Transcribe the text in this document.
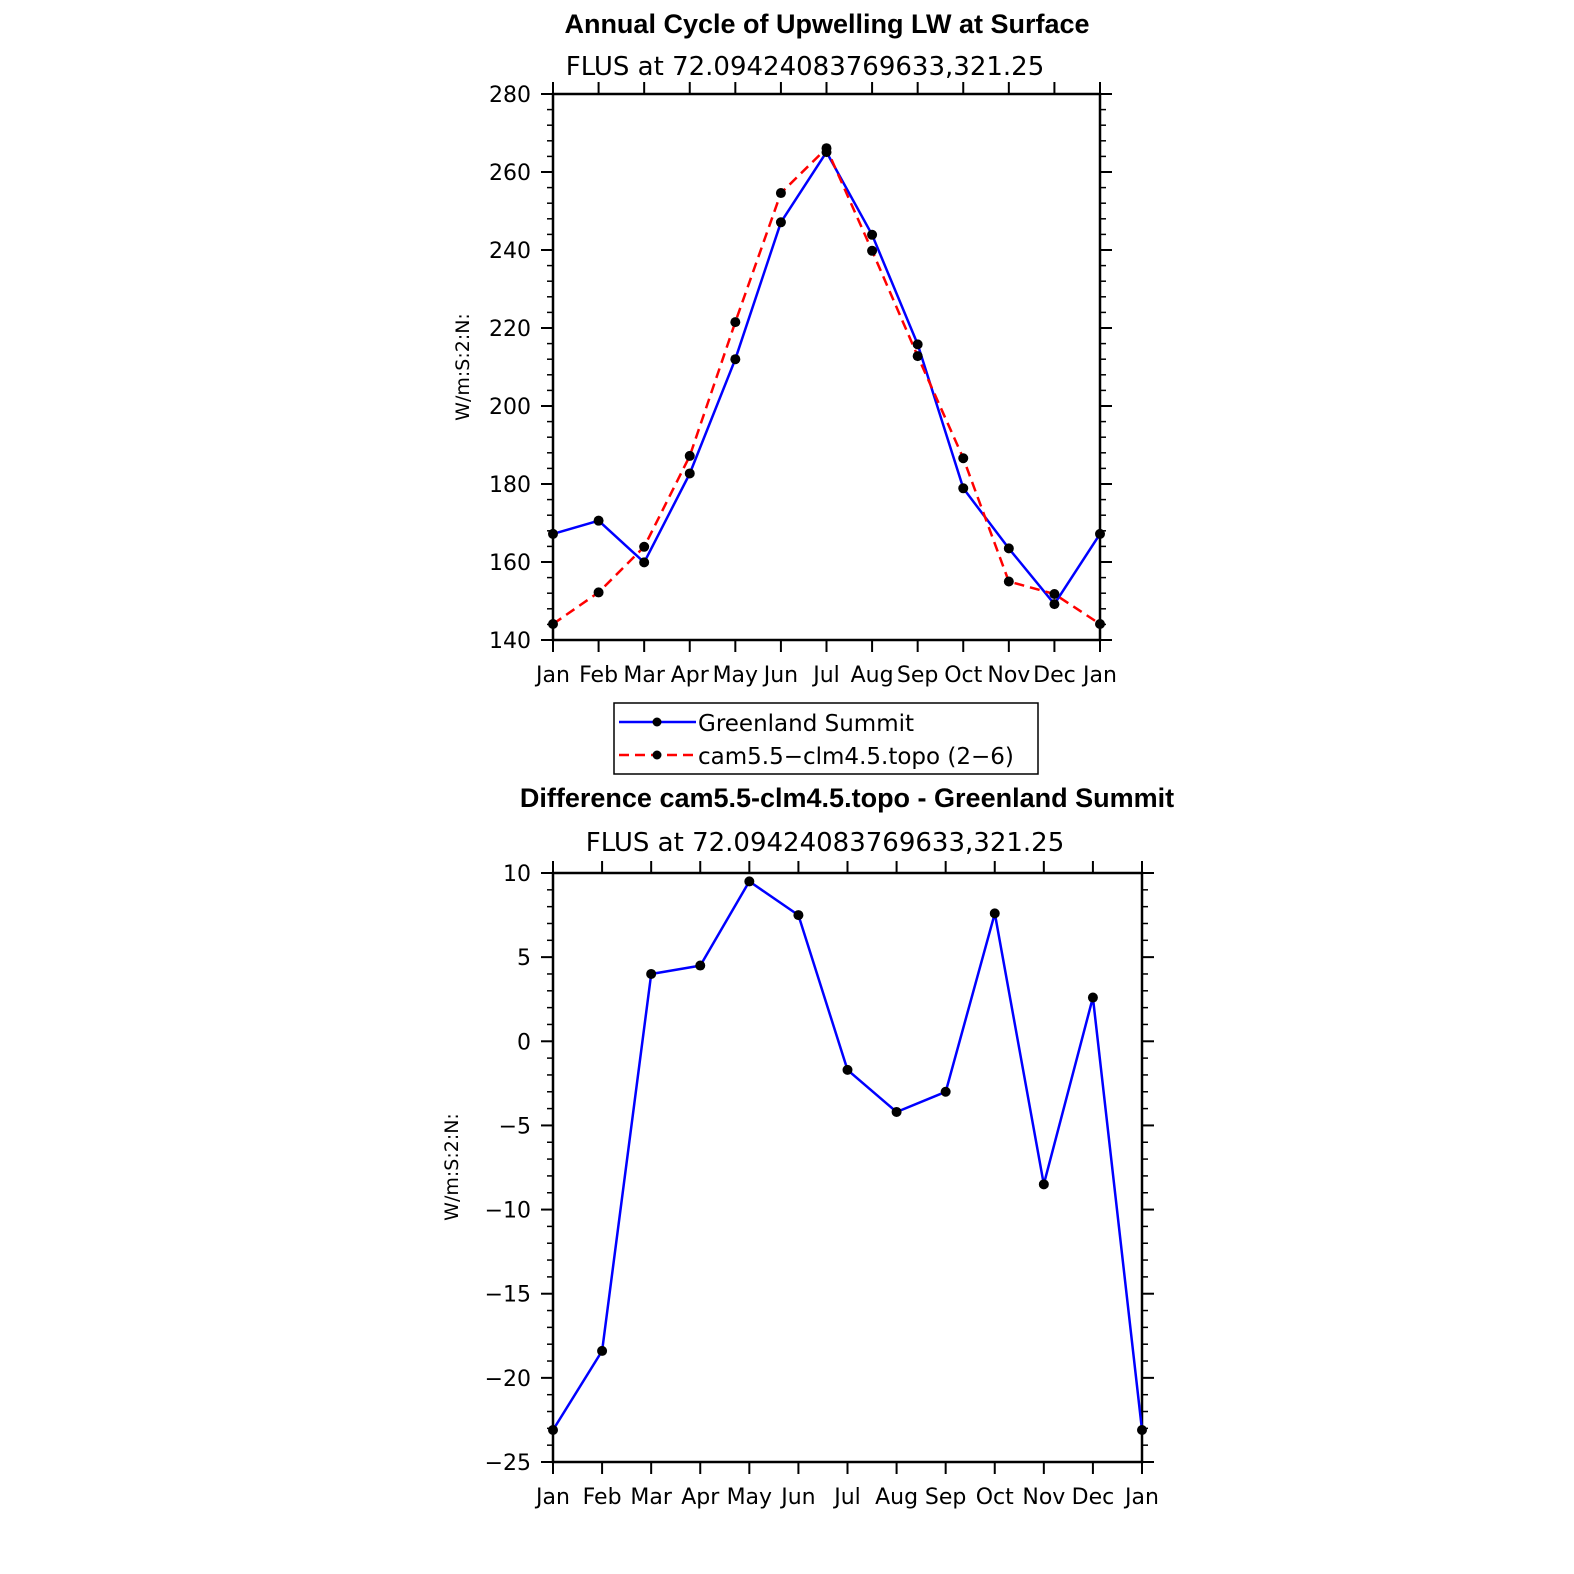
Annual Cycle of Upwelling LW at Surface
FLUS at 72.09424083769633,321.25
W/m:S:2:N:
140
160
180
200
220
240
260
280
Jan Feb Mar Apr May Jun Jul Aug Sep Oct Nov Dec Jan
Greenland Summit
cam5.5−clm4.5.topo (2−6)
Difference cam5.5-clm4.5.topo - Greenland Summit
FLUS at 72.09424083769633,321.25
W/m:S:2:N:
−25
−20
−15
−10
−5
0
5
10
Jan Feb Mar Apr May Jun Jul Aug Sep Oct Nov Dec Jan
